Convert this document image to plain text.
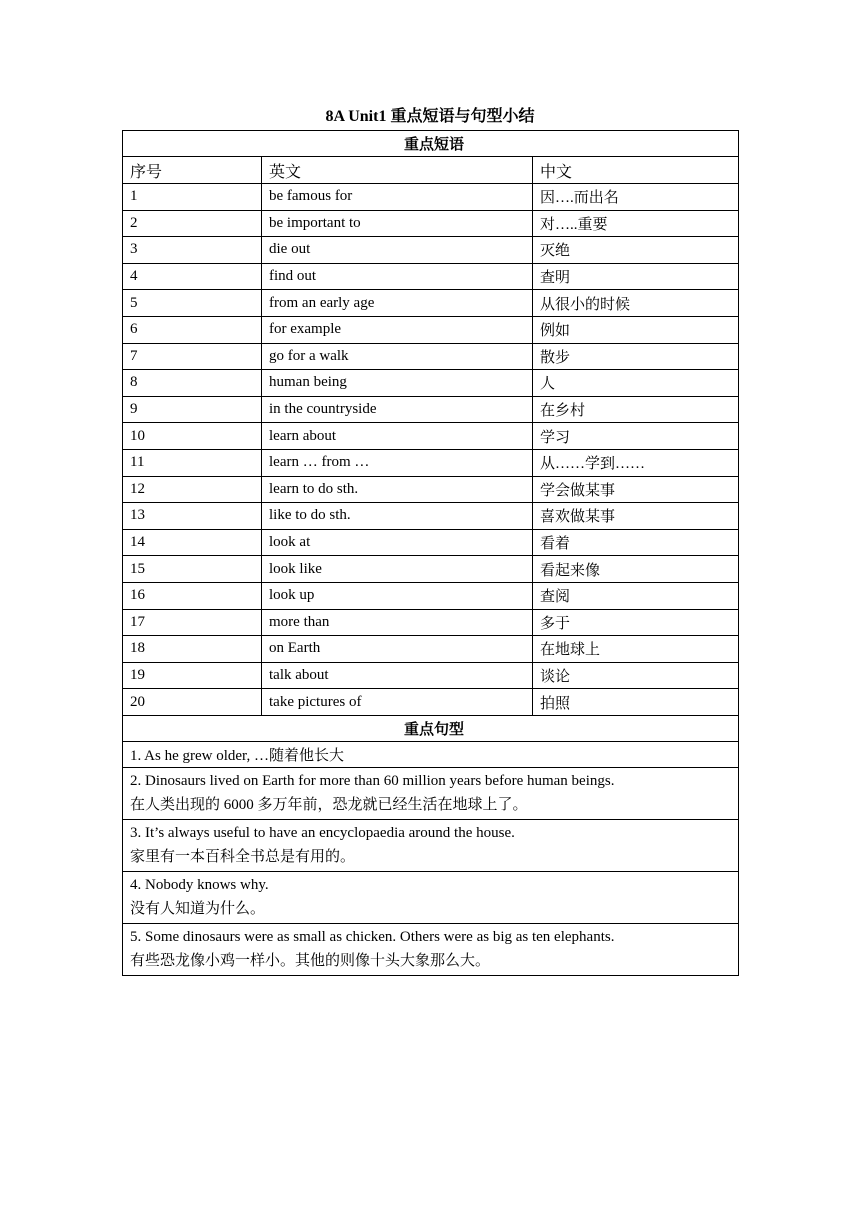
8A Unit1 重点短语与句型小结
重点短语		
序号	英文	中文
1	be famous for	因….而出名
2	be important to	对…..重要
3	die out	灭绝
4	find out	查明
5	from an early age	从很小的时候
6	for example	例如
7	go for a walk	散步
8	human being	人
9	in the countryside	在乡村
10	learn about	学习
11	learn … from …	从……学到……
12	learn to do sth.	学会做某事
13	like to do sth.	喜欢做某事
14	look at	看着
15	look like	看起来像
16	look up	查阅
17	more than	多于
18	on Earth	在地球上
19	talk about	谈论
20	take pictures of	拍照
重点句型		

1. As he grew older, …随着他长大		

2. Dinosaurs lived on Earth for more than 60 million years before human beings.
在人类出现的 6000 多万年前，恐龙就已经生活在地球上了。		

3. It’s always useful to have an encyclopaedia around the house.
家里有一本百科全书总是有用的。		

4. Nobody knows why.
没有人知道为什么。		

5. Some dinosaurs were as small as chicken. Others were as big as ten elephants.
有些恐龙像小鸡一样小。其他的则像十头大象那么大。		
